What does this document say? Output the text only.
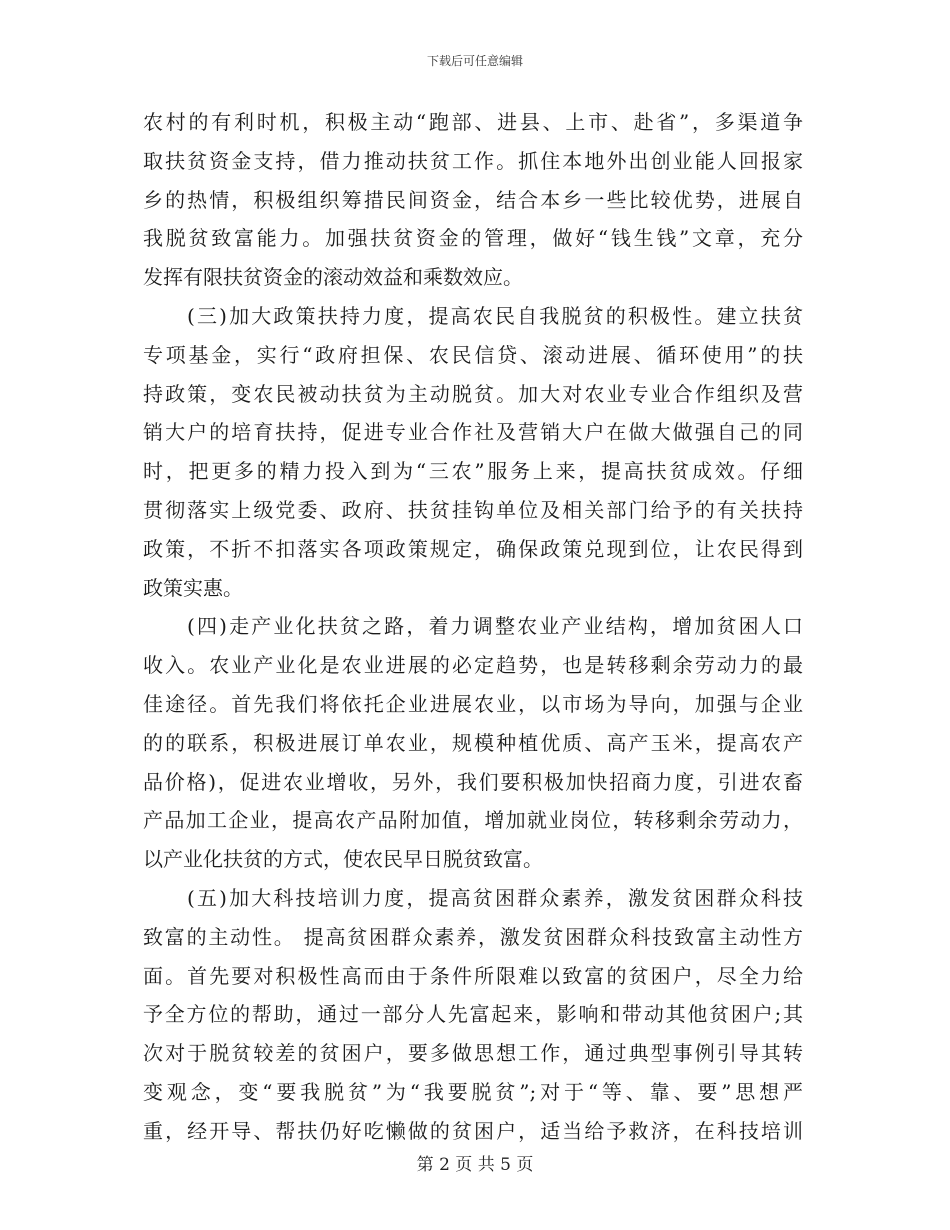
下载后可任意编辑
农村的有利时机，积极主动“跑部、进县、上市、赴省”，多渠道争
取扶贫资金支持，借力推动扶贫工作。抓住本地外出创业能人回报家
乡的热情，积极组织筹措民间资金，结合本乡一些比较优势，进展自
我脱贫致富能力。加强扶贫资金的管理，做好“钱生钱”文章，充分
发挥有限扶贫资金的滚动效益和乘数效应。
(三)加大政策扶持力度，提高农民自我脱贫的积极性。建立扶贫
专项基金，实行“政府担保、农民信贷、滚动进展、循环使用”的扶
持政策，变农民被动扶贫为主动脱贫。加大对农业专业合作组织及营
销大户的培育扶持，促进专业合作社及营销大户在做大做强自己的同
时，把更多的精力投入到为“三农”服务上来，提高扶贫成效。仔细
贯彻落实上级党委、政府、扶贫挂钩单位及相关部门给予的有关扶持
政策，不折不扣落实各项政策规定，确保政策兑现到位，让农民得到
政策实惠。
(四)走产业化扶贫之路，着力调整农业产业结构，增加贫困人口
收入。农业产业化是农业进展的必定趋势，也是转移剩余劳动力的最
佳途径。首先我们将依托企业进展农业，以市场为导向，加强与企业
的的联系，积极进展订单农业，规模种植优质、高产玉米，提高农产
品价格)，促进农业增收，另外，我们要积极加快招商力度，引进农畜
产品加工企业，提高农产品附加值，增加就业岗位，转移剩余劳动力，
以产业化扶贫的方式，使农民早日脱贫致富。
(五)加大科技培训力度，提高贫困群众素养，激发贫困群众科技
致富的主动性。 提高贫困群众素养，激发贫困群众科技致富主动性方
面。首先要对积极性高而由于条件所限难以致富的贫困户，尽全力给
予全方位的帮助，通过一部分人先富起来，影响和带动其他贫困户;其
次对于脱贫较差的贫困户，要多做思想工作，通过典型事例引导其转
变观念，变“要我脱贫”为“我要脱贫”;对于“等、靠、要”思想严
重，经开导、帮扶仍好吃懒做的贫困户，适当给予救济，在科技培训
第 2 页 共 5 页
